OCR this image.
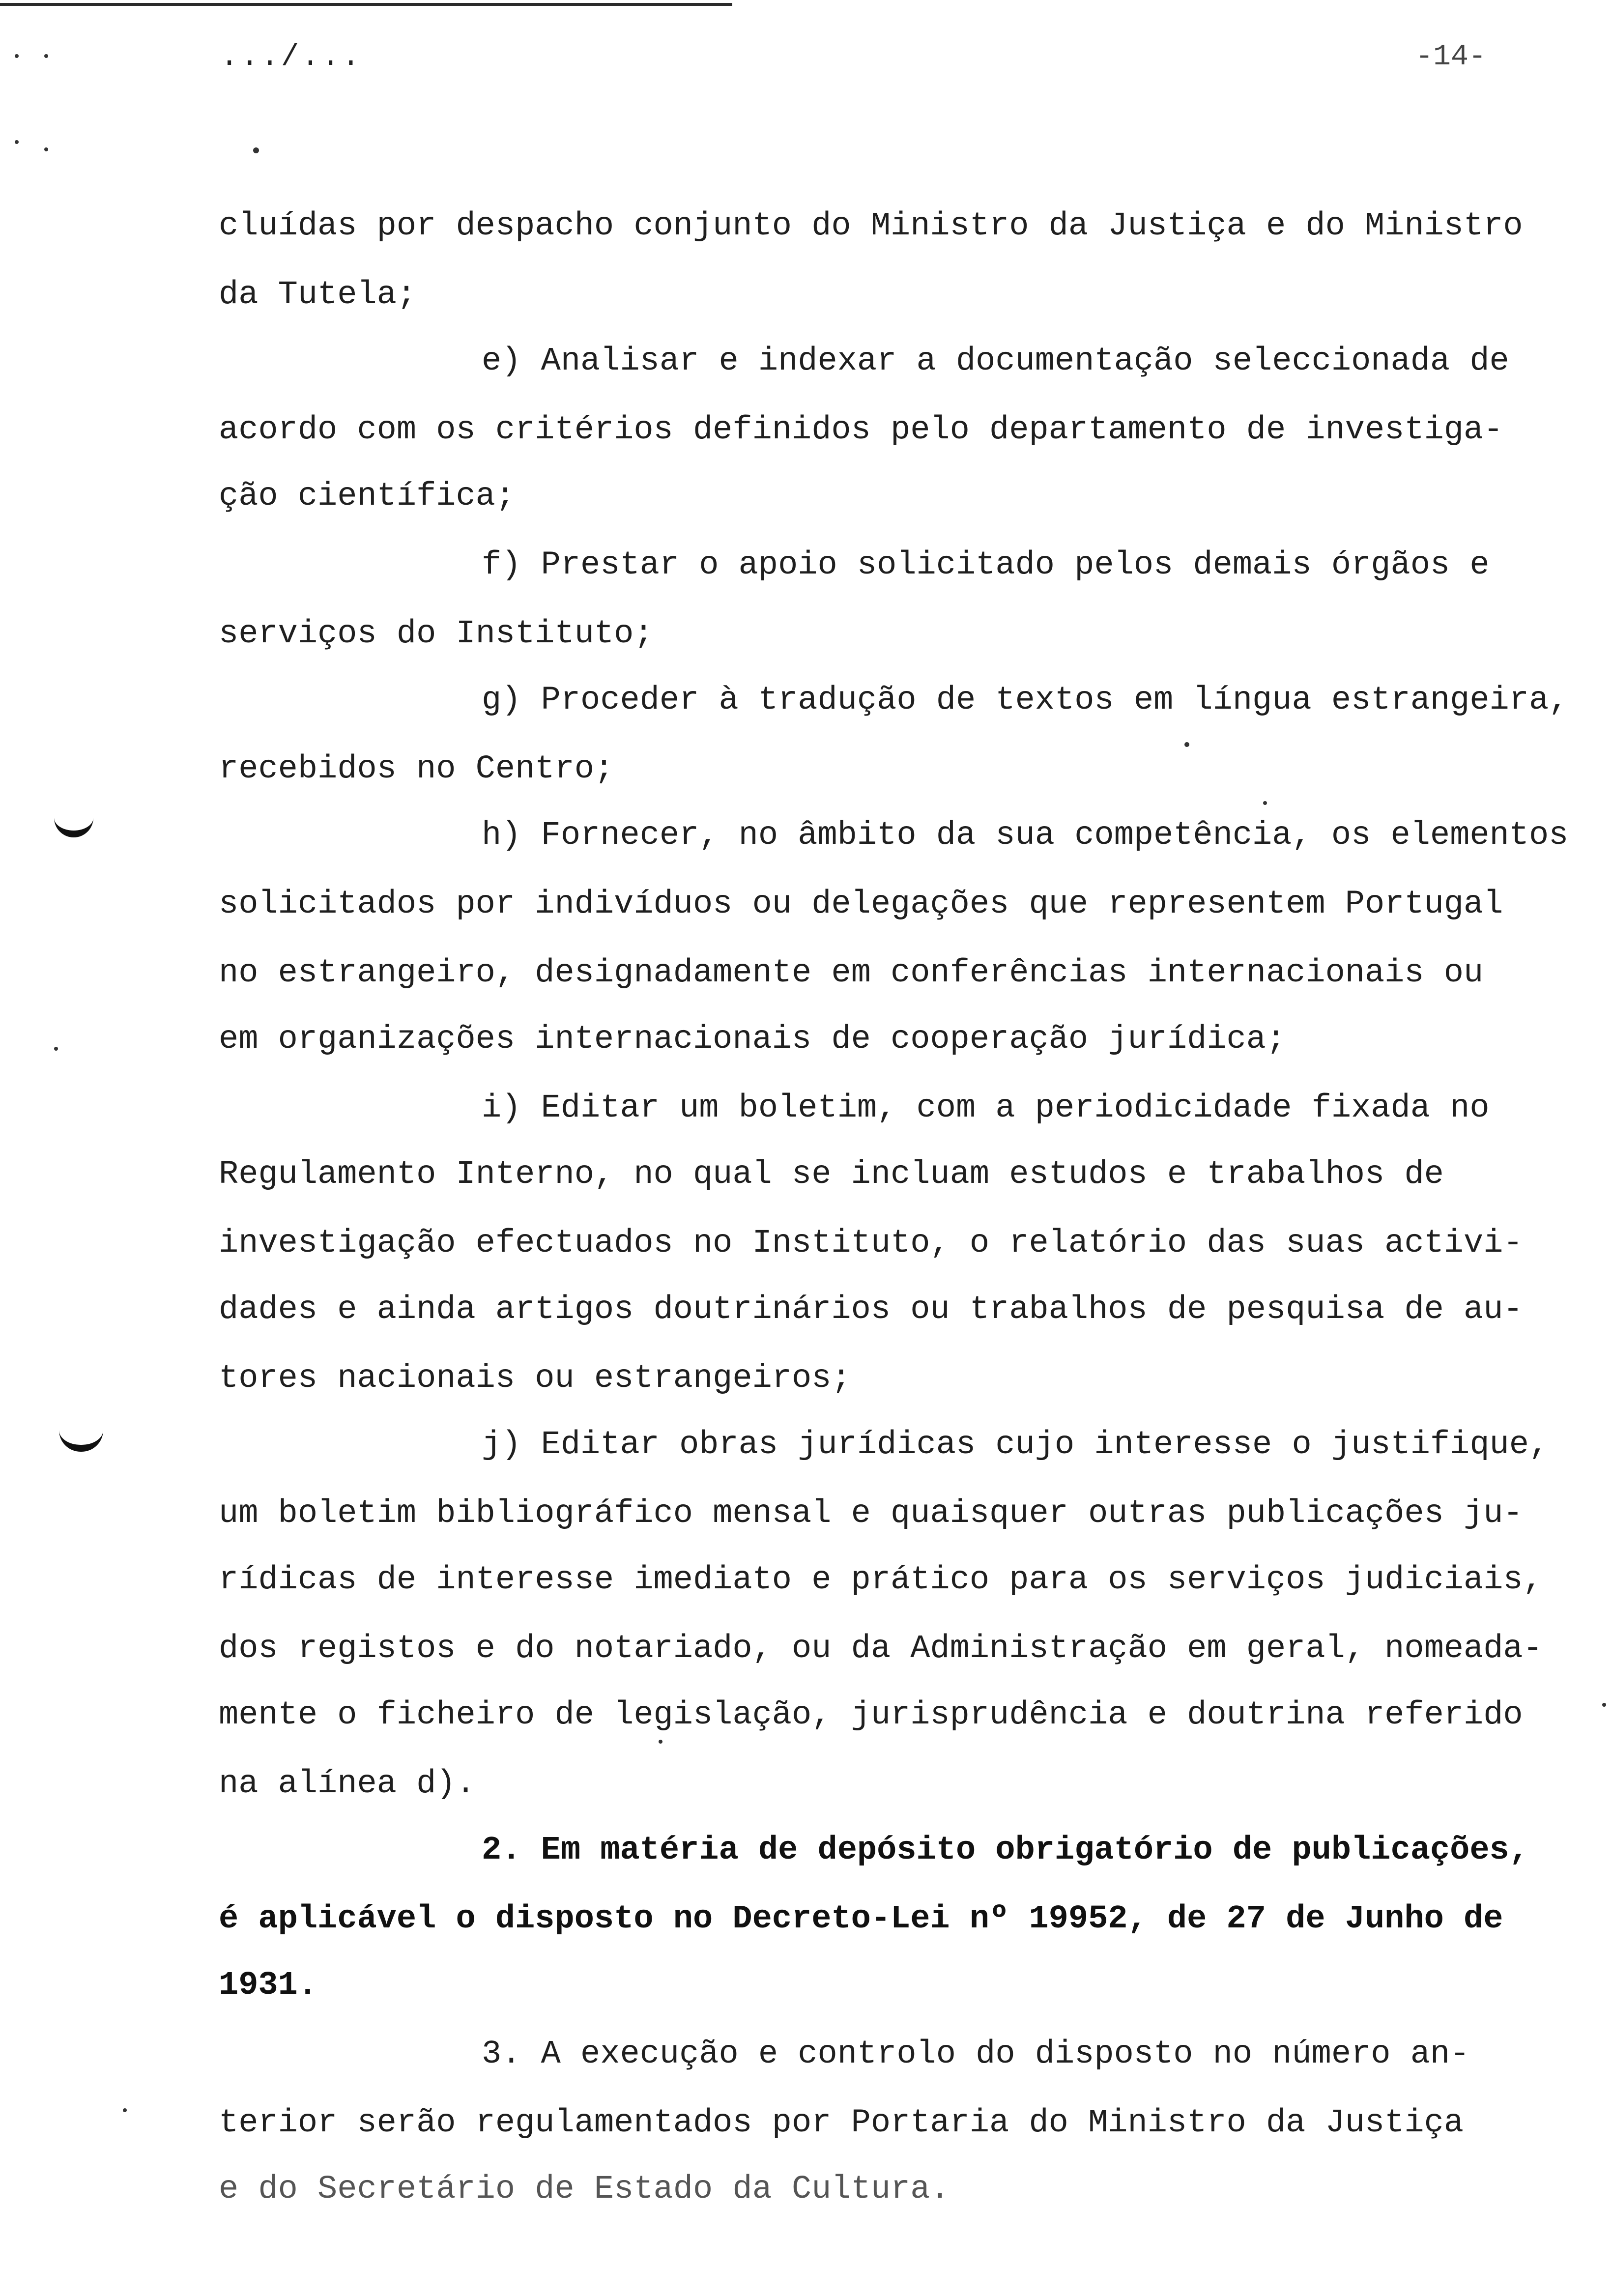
.../...	-14-
cluídas por despacho conjunto do Ministro da Justiça e do Ministro
da Tutela;
e) Analisar e indexar a documentação seleccionada de
acordo com os critérios definidos pelo departamento de investiga-
ção científica;
f) Prestar o apoio solicitado pelos demais órgãos e
serviços do Instituto;
g) Proceder à tradução de textos em língua estrangeira,
recebidos no Centro;
h) Fornecer, no âmbito da sua competência, os elementos
solicitados por indivíduos ou delegações que representem Portugal
no estrangeiro, designadamente em conferências internacionais ou
em organizações internacionais de cooperação jurídica;
i) Editar um boletim, com a periodicidade fixada no
Regulamento Interno, no qual se incluam estudos e trabalhos de
investigação efectuados no Instituto, o relatório das suas activi-
dades e ainda artigos doutrinários ou trabalhos de pesquisa de au-
tores nacionais ou estrangeiros;
j) Editar obras jurídicas cujo interesse o justifique,
um boletim bibliográfico mensal e quaisquer outras publicações ju-
rídicas de interesse imediato e prático para os serviços judiciais,
dos registos e do notariado, ou da Administração em geral, nomeada-
mente o ficheiro de legislação, jurisprudência e doutrina referido
na alínea d).
2. Em matéria de depósito obrigatório de publicações,
é aplicável o disposto no Decreto-Lei nº 19952, de 27 de Junho de
1931.
3. A execução e controlo do disposto no número an-
terior serão regulamentados por Portaria do Ministro da Justiça
e do Secretário de Estado da Cultura.
